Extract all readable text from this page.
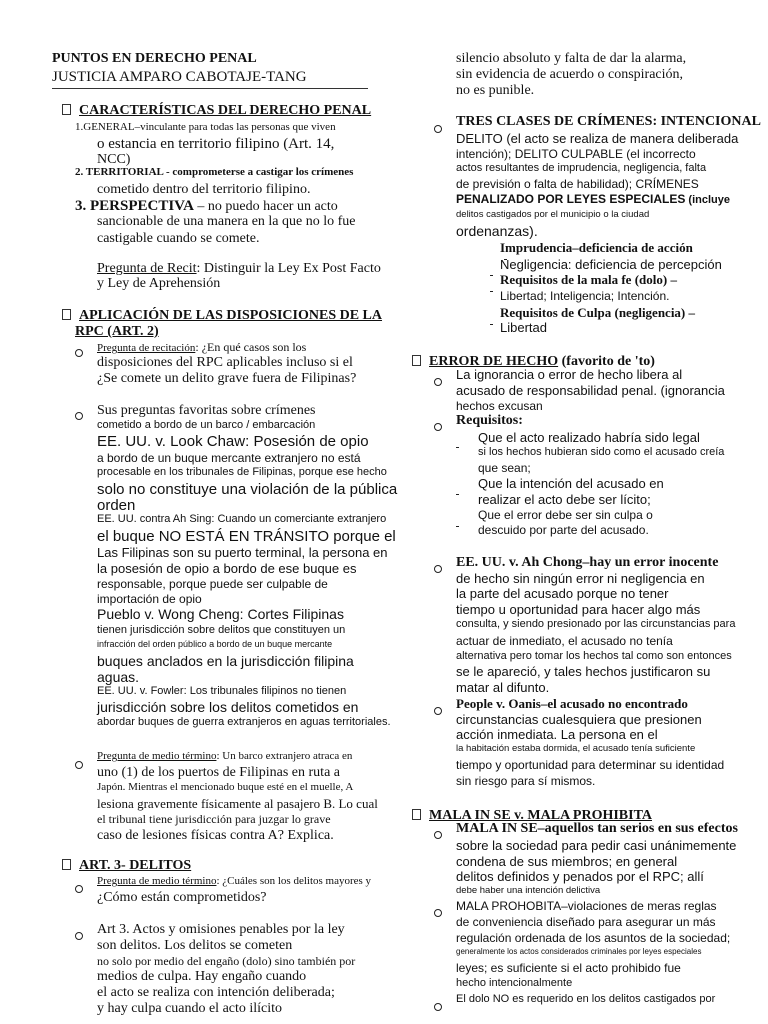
PUNTOS EN DERECHO PENAL
JUSTICIA AMPARO CABOTAJE-TANG
CARACTERÍSTICAS DEL DERECHO PENAL
1.GENERAL–vinculante para todas las personas que viven
o estancia en territorio filipino (Art. 14,
NCC)
2. TERRITORIAL - comprometerse a castigar los crímenes
cometido dentro del territorio filipino.
3. PERSPECTIVA – no puedo hacer un acto
sancionable de una manera en la que no lo fue
castigable cuando se comete.
Pregunta de Recit: Distinguir la Ley Ex Post Facto
y Ley de Aprehensión
APLICACIÓN DE LAS DISPOSICIONES DE LA
RPC (ART. 2)
Pregunta de recitación: ¿En qué casos son los
disposiciones del RPC aplicables incluso si el
¿Se comete un delito grave fuera de Filipinas?
Sus preguntas favoritas sobre crímenes
cometido a bordo de un barco / embarcación
EE. UU. v. Look Chaw: Posesión de opio
a bordo de un buque mercante extranjero no está
procesable en los tribunales de Filipinas, porque ese hecho
solo no constituye una violación de la pública
orden
EE. UU. contra Ah Sing: Cuando un comerciante extranjero
el buque NO ESTÁ EN TRÁNSITO porque el
Las Filipinas son su puerto terminal, la persona en
la posesión de opio a bordo de ese buque es
responsable, porque puede ser culpable de
importación de opio
Pueblo v. Wong Cheng: Cortes Filipinas
tienen jurisdicción sobre delitos que constituyen un
infracción del orden público a bordo de un buque mercante
buques anclados en la jurisdicción filipina
aguas.
EE. UU. v. Fowler: Los tribunales filipinos no tienen
jurisdicción sobre los delitos cometidos en
abordar buques de guerra extranjeros en aguas territoriales.
Pregunta de medio término: Un barco extranjero atraca en
uno (1) de los puertos de Filipinas en ruta a
Japón. Mientras el mencionado buque esté en el muelle, A
lesiona gravemente físicamente al pasajero B. Lo cual
el tribunal tiene jurisdicción para juzgar lo grave
caso de lesiones físicas contra A? Explica.
ART. 3- DELITOS
Pregunta de medio término: ¿Cuáles son los delitos mayores y
¿Cómo están comprometidos?
Art 3. Actos y omisiones penables por la ley
son delitos. Los delitos se cometen
no solo por medio del engaño (dolo) sino también por
medios de culpa. Hay engaño cuando
el acto se realiza con intención deliberada;
y hay culpa cuando el acto ilícito
silencio absoluto y falta de dar la alarma,
sin evidencia de acuerdo o conspiración,
no es punible.
TRES CLASES DE CRÍMENES: INTENCIONAL
DELITO (el acto se realiza de manera deliberada
intención); DELITO CULPABLE (el incorrecto
actos resultantes de imprudencia, negligencia, falta
de previsión o falta de habilidad); CRÍMENES
PENALIZADO POR LEYES ESPECIALES (incluye
delitos castigados por el municipio o la ciudad
ordenanzas).
Imprudencia–deficiencia de acción
Negligencia: deficiencia de percepción
Requisitos de la mala fe (dolo) –
Libertad; Inteligencia; Intención.
Requisitos de Culpa (negligencia) –
Libertad
ERROR DE HECHO (favorito de 'to)
La ignorancia o error de hecho libera al
acusado de responsabilidad penal. (ignorancia
hechos excusan
Requisitos:
Que el acto realizado habría sido legal
si los hechos hubieran sido como el acusado creía
que sean;
Que la intención del acusado en
realizar el acto debe ser lícito;
Que el error debe ser sin culpa o
descuido por parte del acusado.
EE. UU. v. Ah Chong–hay un error inocente
de hecho sin ningún error ni negligencia en
la parte del acusado porque no tener
tiempo u oportunidad para hacer algo más
consulta, y siendo presionado por las circunstancias para
actuar de inmediato, el acusado no tenía
alternativa pero tomar los hechos tal como son entonces
se le apareció, y tales hechos justificaron su
matar al difunto.
People v. Oanis–el acusado no encontrado
circunstancias cualesquiera que presionen
acción inmediata. La persona en el
la habitación estaba dormida, el acusado tenía suficiente
tiempo y oportunidad para determinar su identidad
sin riesgo para sí mismos.
MALA IN SE v. MALA PROHIBITA
MALA IN SE–aquellos tan serios en sus efectos
sobre la sociedad para pedir casi unánimemente
condena de sus miembros; en general
delitos definidos y penados por el RPC; allí
debe haber una intención delictiva
MALA PROHOBITA–violaciones de meras reglas
de conveniencia diseñado para asegurar un más
regulación ordenada de los asuntos de la sociedad;
generalmente los actos considerados criminales por leyes especiales
leyes; es suficiente si el acto prohibido fue
hecho intencionalmente
El dolo NO es requerido en los delitos castigados por
